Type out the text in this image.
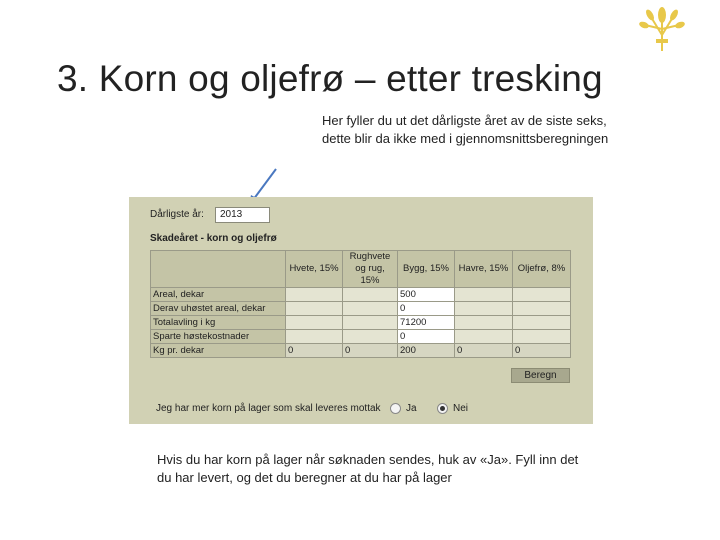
3. Korn og oljefrø – etter tresking
Her fyller du ut det dårligste året av de siste seks, dette blir da ikke med i gjennomsnittsberegningen
Dårligste år:	2013
Skadeåret - korn og oljefrø
	Hvete, 15%	Rughvete og rug, 15%	Bygg, 15%	Havre, 15%	Oljefrø, 8%
Areal, dekar			500		
Derav uhøstet areal, dekar			0		
Totalavling i kg			71200		
Sparte høstekostnader			0		
Kg pr. dekar	0	0	200	0	0
Beregn
Jeg har mer korn på lager som skal leveres mottak	Ja	Nei
Hvis du har korn på lager når søknaden sendes, huk av «Ja». Fyll inn det du har levert, og det du beregner at du har på lager
